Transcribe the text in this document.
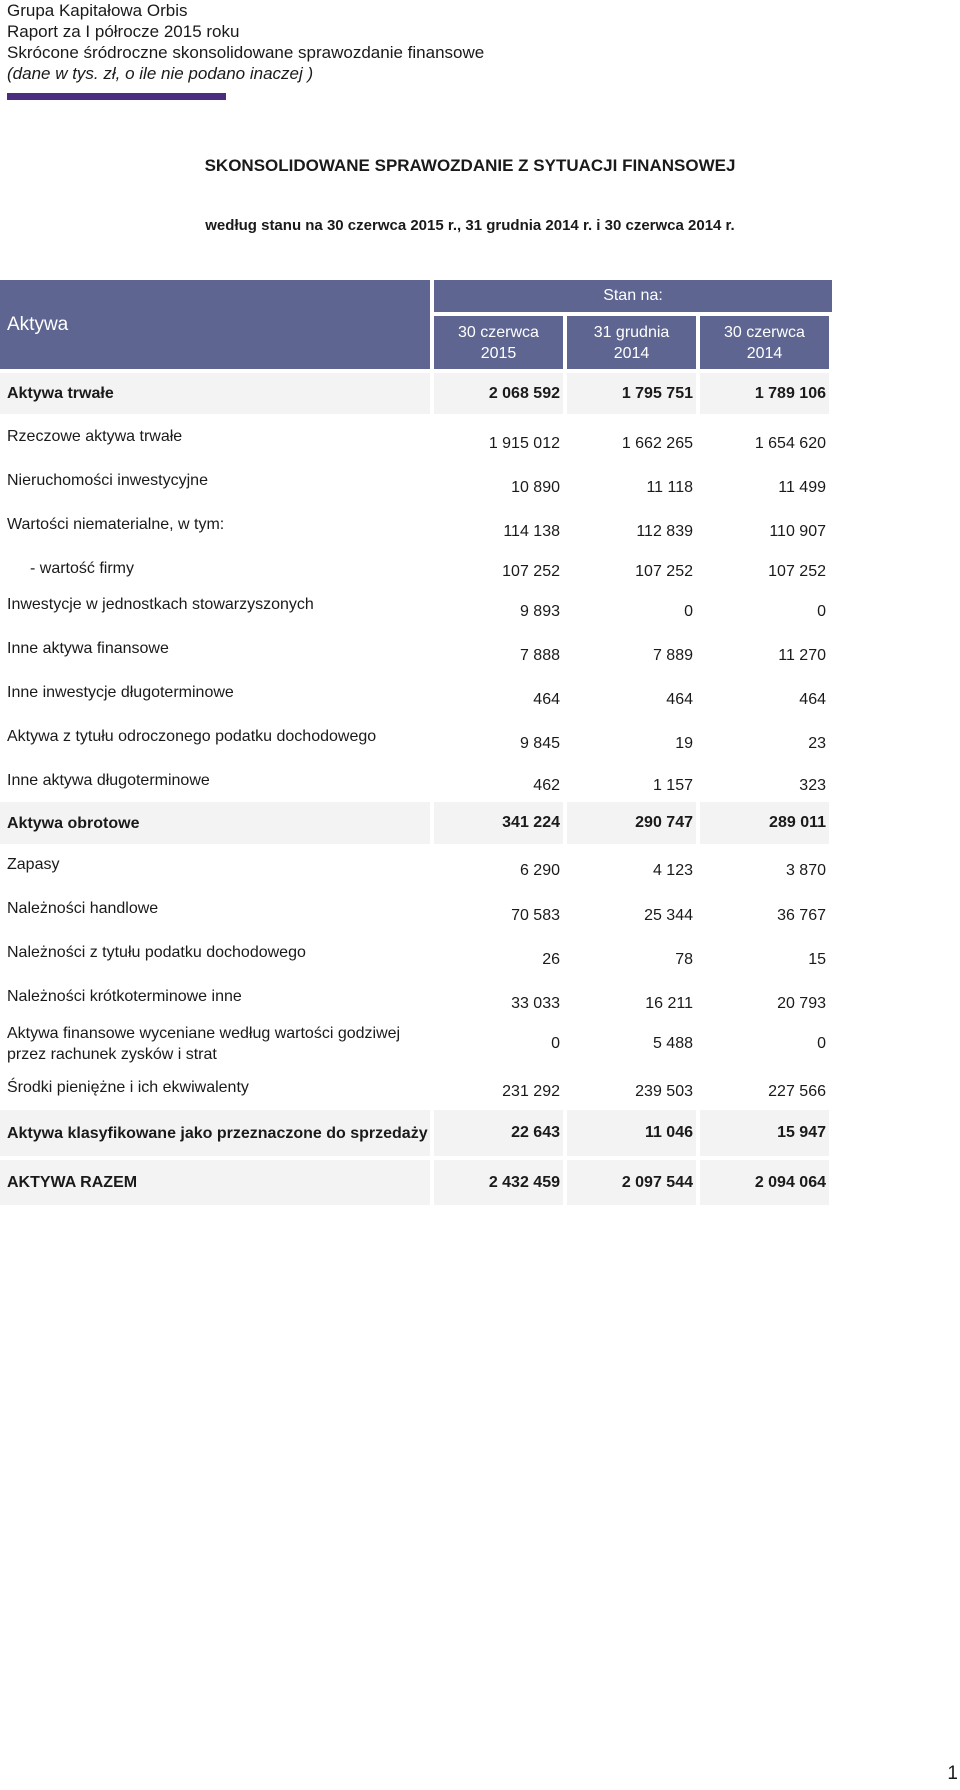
Grupa Kapitałowa Orbis
Raport za I półrocze 2015 roku
Skrócone śródroczne skonsolidowane sprawozdanie finansowe
(dane w tys. zł, o ile nie podano inaczej )
SKONSOLIDOWANE SPRAWOZDANIE Z SYTUACJI FINANSOWEJ
według stanu na 30 czerwca 2015 r., 31 grudnia 2014 r. i 30 czerwca 2014 r.
Aktywa
Stan na:
30 czerwca
2015
31 grudnia
2014
30 czerwca
2014
Aktywa trwałe	2 068 592	1 795 751	1 789 106
Rzeczowe aktywa trwałe	1 915 012	1 662 265	1 654 620
Nieruchomości inwestycyjne	10 890	11 118	11 499
Wartości niematerialne, w tym:	114 138	112 839	110 907
- wartość firmy	107 252	107 252	107 252
Inwestycje w jednostkach stowarzyszonych	9 893	0	0
Inne aktywa finansowe	7 888	7 889	11 270
Inne inwestycje długoterminowe	464	464	464
Aktywa z tytułu odroczonego podatku dochodowego	9 845	19	23
Inne aktywa długoterminowe	462	1 157	323
Aktywa obrotowe	341 224	290 747	289 011
Zapasy	6 290	4 123	3 870
Należności handlowe	70 583	25 344	36 767
Należności z tytułu podatku dochodowego	26	78	15
Należności krótkoterminowe inne	33 033	16 211	20 793
Aktywa finansowe wyceniane według wartości godziwej przez rachunek zysków i strat
0	5 488	0
Środki pieniężne i ich ekwiwalenty	231 292	239 503	227 566
Aktywa klasyfikowane jako przeznaczone do sprzedaży	22 643	11 046	15 947
AKTYWA RAZEM	2 432 459	2 097 544	2 094 064
1
